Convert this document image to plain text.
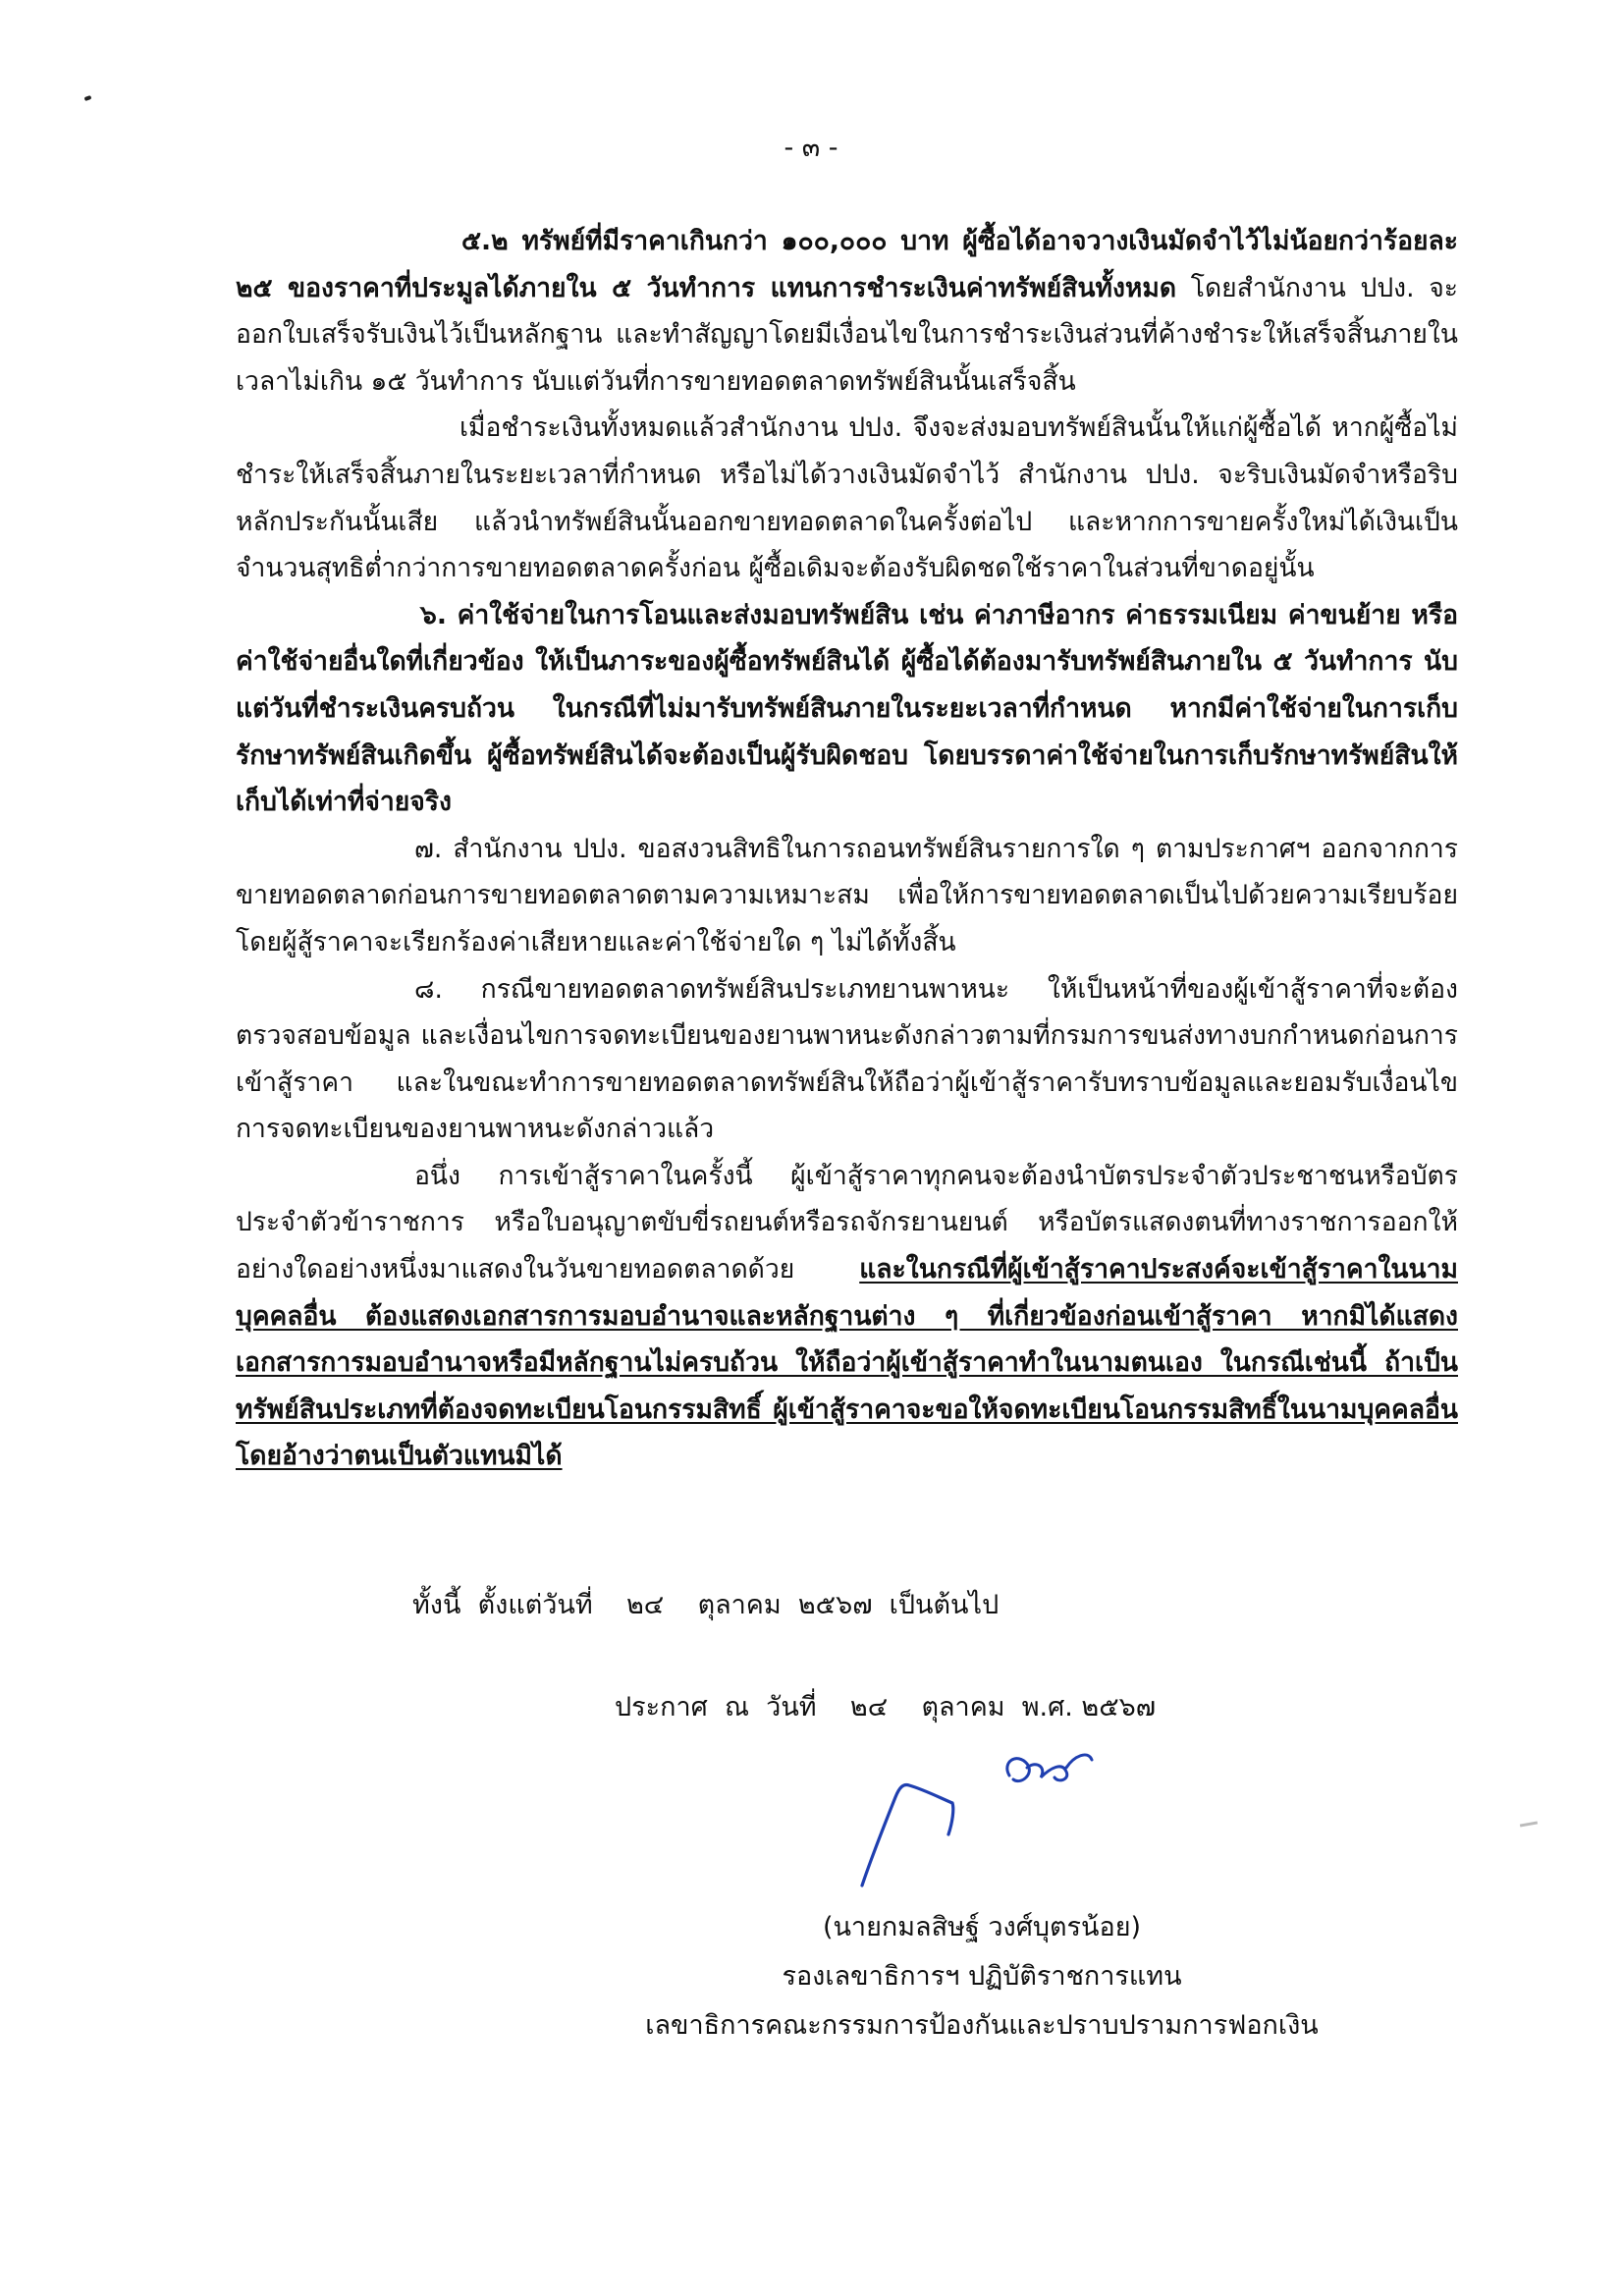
- ๓ -

๕.๒ ทรัพย์ที่มีราคาเกินกว่า ๑๐๐,๐๐๐ บาท ผู้ซื้อได้อาจวางเงินมัดจำไว้ไม่น้อยกว่าร้อยละ ๒๕ ของราคาที่ประมูลได้ภายใน ๕ วันทำการ แทนการชำระเงินค่าทรัพย์สินทั้งหมด โดยสำนักงาน ปปง. จะออกใบเสร็จรับเงินไว้เป็นหลักฐาน และทำสัญญาโดยมีเงื่อนไขในการชำระเงินส่วนที่ค้างชำระให้เสร็จสิ้นภายในเวลาไม่เกิน ๑๕ วันทำการ นับแต่วันที่การขายทอดตลาดทรัพย์สินนั้นเสร็จสิ้น

เมื่อชำระเงินทั้งหมดแล้วสำนักงาน ปปง. จึงจะส่งมอบทรัพย์สินนั้นให้แก่ผู้ซื้อได้ หากผู้ซื้อไม่ชำระให้เสร็จสิ้นภายในระยะเวลาที่กำหนด หรือไม่ได้วางเงินมัดจำไว้ สำนักงาน ปปง. จะริบเงินมัดจำหรือริบหลักประกันนั้นเสีย แล้วนำทรัพย์สินนั้นออกขายทอดตลาดในครั้งต่อไป และหากการขายครั้งใหม่ได้เงินเป็นจำนวนสุทธิต่ำกว่าการขายทอดตลาดครั้งก่อน ผู้ซื้อเดิมจะต้องรับผิดชดใช้ราคาในส่วนที่ขาดอยู่นั้น

๖. ค่าใช้จ่ายในการโอนและส่งมอบทรัพย์สิน เช่น ค่าภาษีอากร ค่าธรรมเนียม ค่าขนย้าย หรือค่าใช้จ่ายอื่นใดที่เกี่ยวข้อง ให้เป็นภาระของผู้ซื้อทรัพย์สินได้ ผู้ซื้อได้ต้องมารับทรัพย์สินภายใน ๕ วันทำการ นับแต่วันที่ชำระเงินครบถ้วน ในกรณีที่ไม่มารับทรัพย์สินภายในระยะเวลาที่กำหนด หากมีค่าใช้จ่ายในการเก็บรักษาทรัพย์สินเกิดขึ้น ผู้ซื้อทรัพย์สินได้จะต้องเป็นผู้รับผิดชอบ โดยบรรดาค่าใช้จ่ายในการเก็บรักษาทรัพย์สินให้เก็บได้เท่าที่จ่ายจริง

๗. สำนักงาน ปปง. ขอสงวนสิทธิในการถอนทรัพย์สินรายการใด ๆ ตามประกาศฯ ออกจากการขายทอดตลาดก่อนการขายทอดตลาดตามความเหมาะสม เพื่อให้การขายทอดตลาดเป็นไปด้วยความเรียบร้อย โดยผู้สู้ราคาจะเรียกร้องค่าเสียหายและค่าใช้จ่ายใด ๆ ไม่ได้ทั้งสิ้น

๘. กรณีขายทอดตลาดทรัพย์สินประเภทยานพาหนะ ให้เป็นหน้าที่ของผู้เข้าสู้ราคาที่จะต้องตรวจสอบข้อมูล และเงื่อนไขการจดทะเบียนของยานพาหนะดังกล่าวตามที่กรมการขนส่งทางบกกำหนดก่อนการเข้าสู้ราคา และในขณะทำการขายทอดตลาดทรัพย์สินให้ถือว่าผู้เข้าสู้ราคารับทราบข้อมูลและยอมรับเงื่อนไขการจดทะเบียนของยานพาหนะดังกล่าวแล้ว

อนึ่ง การเข้าสู้ราคาในครั้งนี้ ผู้เข้าสู้ราคาทุกคนจะต้องนำบัตรประจำตัวประชาชนหรือบัตรประจำตัวข้าราชการ หรือใบอนุญาตขับขี่รถยนต์หรือรถจักรยานยนต์ หรือบัตรแสดงตนที่ทางราชการออกให้อย่างใดอย่างหนึ่งมาแสดงในวันขายทอดตลาดด้วย และในกรณีที่ผู้เข้าสู้ราคาประสงค์จะเข้าสู้ราคาในนามบุคคลอื่น ต้องแสดงเอกสารการมอบอำนาจและหลักฐานต่าง ๆ ที่เกี่ยวข้องก่อนเข้าสู้ราคา หากมิได้แสดงเอกสารการมอบอำนาจหรือมีหลักฐานไม่ครบถ้วน ให้ถือว่าผู้เข้าสู้ราคาทำในนามตนเอง ในกรณีเช่นนี้ ถ้าเป็นทรัพย์สินประเภทที่ต้องจดทะเบียนโอนกรรมสิทธิ์ ผู้เข้าสู้ราคาจะขอให้จดทะเบียนโอนกรรมสิทธิ์ในนามบุคคลอื่น โดยอ้างว่าตนเป็นตัวแทนมิได้

ทั้งนี้  ตั้งแต่วันที่    ๒๔    ตุลาคม  ๒๕๖๗  เป็นต้นไป
ประกาศ  ณ  วันที่    ๒๔    ตุลาคม  พ.ศ. ๒๕๖๗
(นายกมลสิษฐ์ วงศ์บุตรน้อย)
รองเลขาธิการฯ ปฏิบัติราชการแทน
เลขาธิการคณะกรรมการป้องกันและปราบปรามการฟอกเงิน
